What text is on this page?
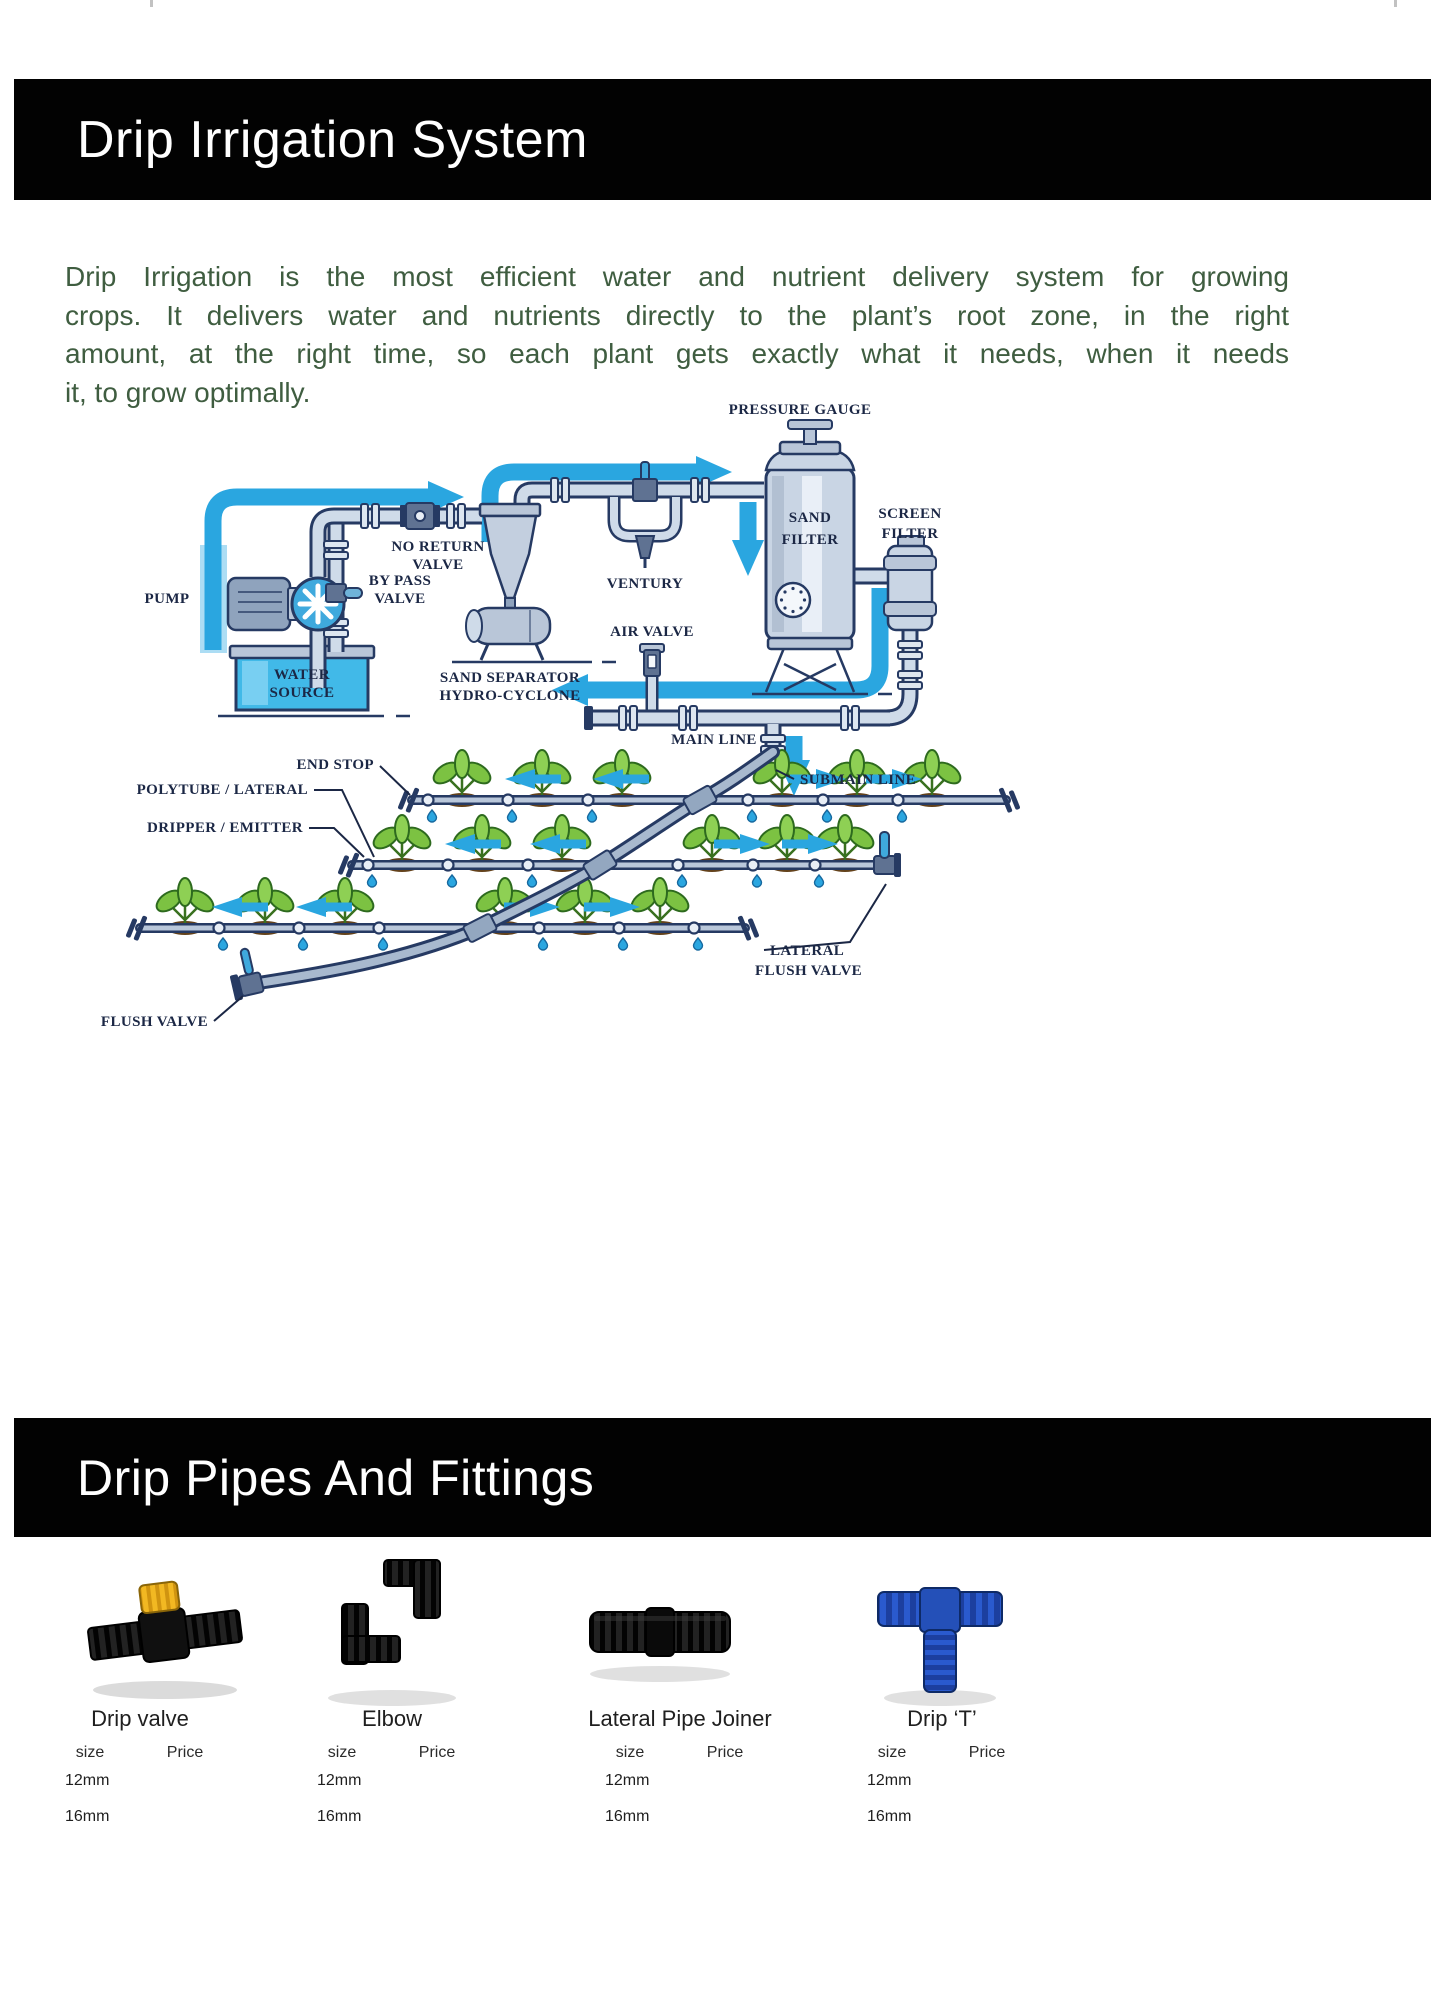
Drip Irrigation System
Drip Irrigation is the most efficient water and nutrient delivery system for growing
crops. It delivers water and nutrients directly to the plant’s root zone, in the right
amount, at the right time, so each plant gets exactly what it needs, when it needs
it, to grow optimally.
PRESSURE GAUGE
SAND
FILTER
SCREEN
FILTER
VENTURY
NO RETURN
VALVE
BY PASS
VALVE
PUMP
WATER
SOURCE
SAND SEPARATOR
HYDRO-CYCLONE
AIR VALVE
MAIN LINE
SUBMAIN LINE
END STOP
POLYTUBE / LATERAL
DRIPPER / EMITTER
LATERAL
FLUSH VALVE
FLUSH VALVE
Drip Pipes And Fittings
Drip valve
size	Price
12mm
16mm
Elbow
size	Price
12mm
16mm
Lateral Pipe Joiner
size	Price
12mm
16mm
Drip ‘T’
size	Price
12mm
16mm
